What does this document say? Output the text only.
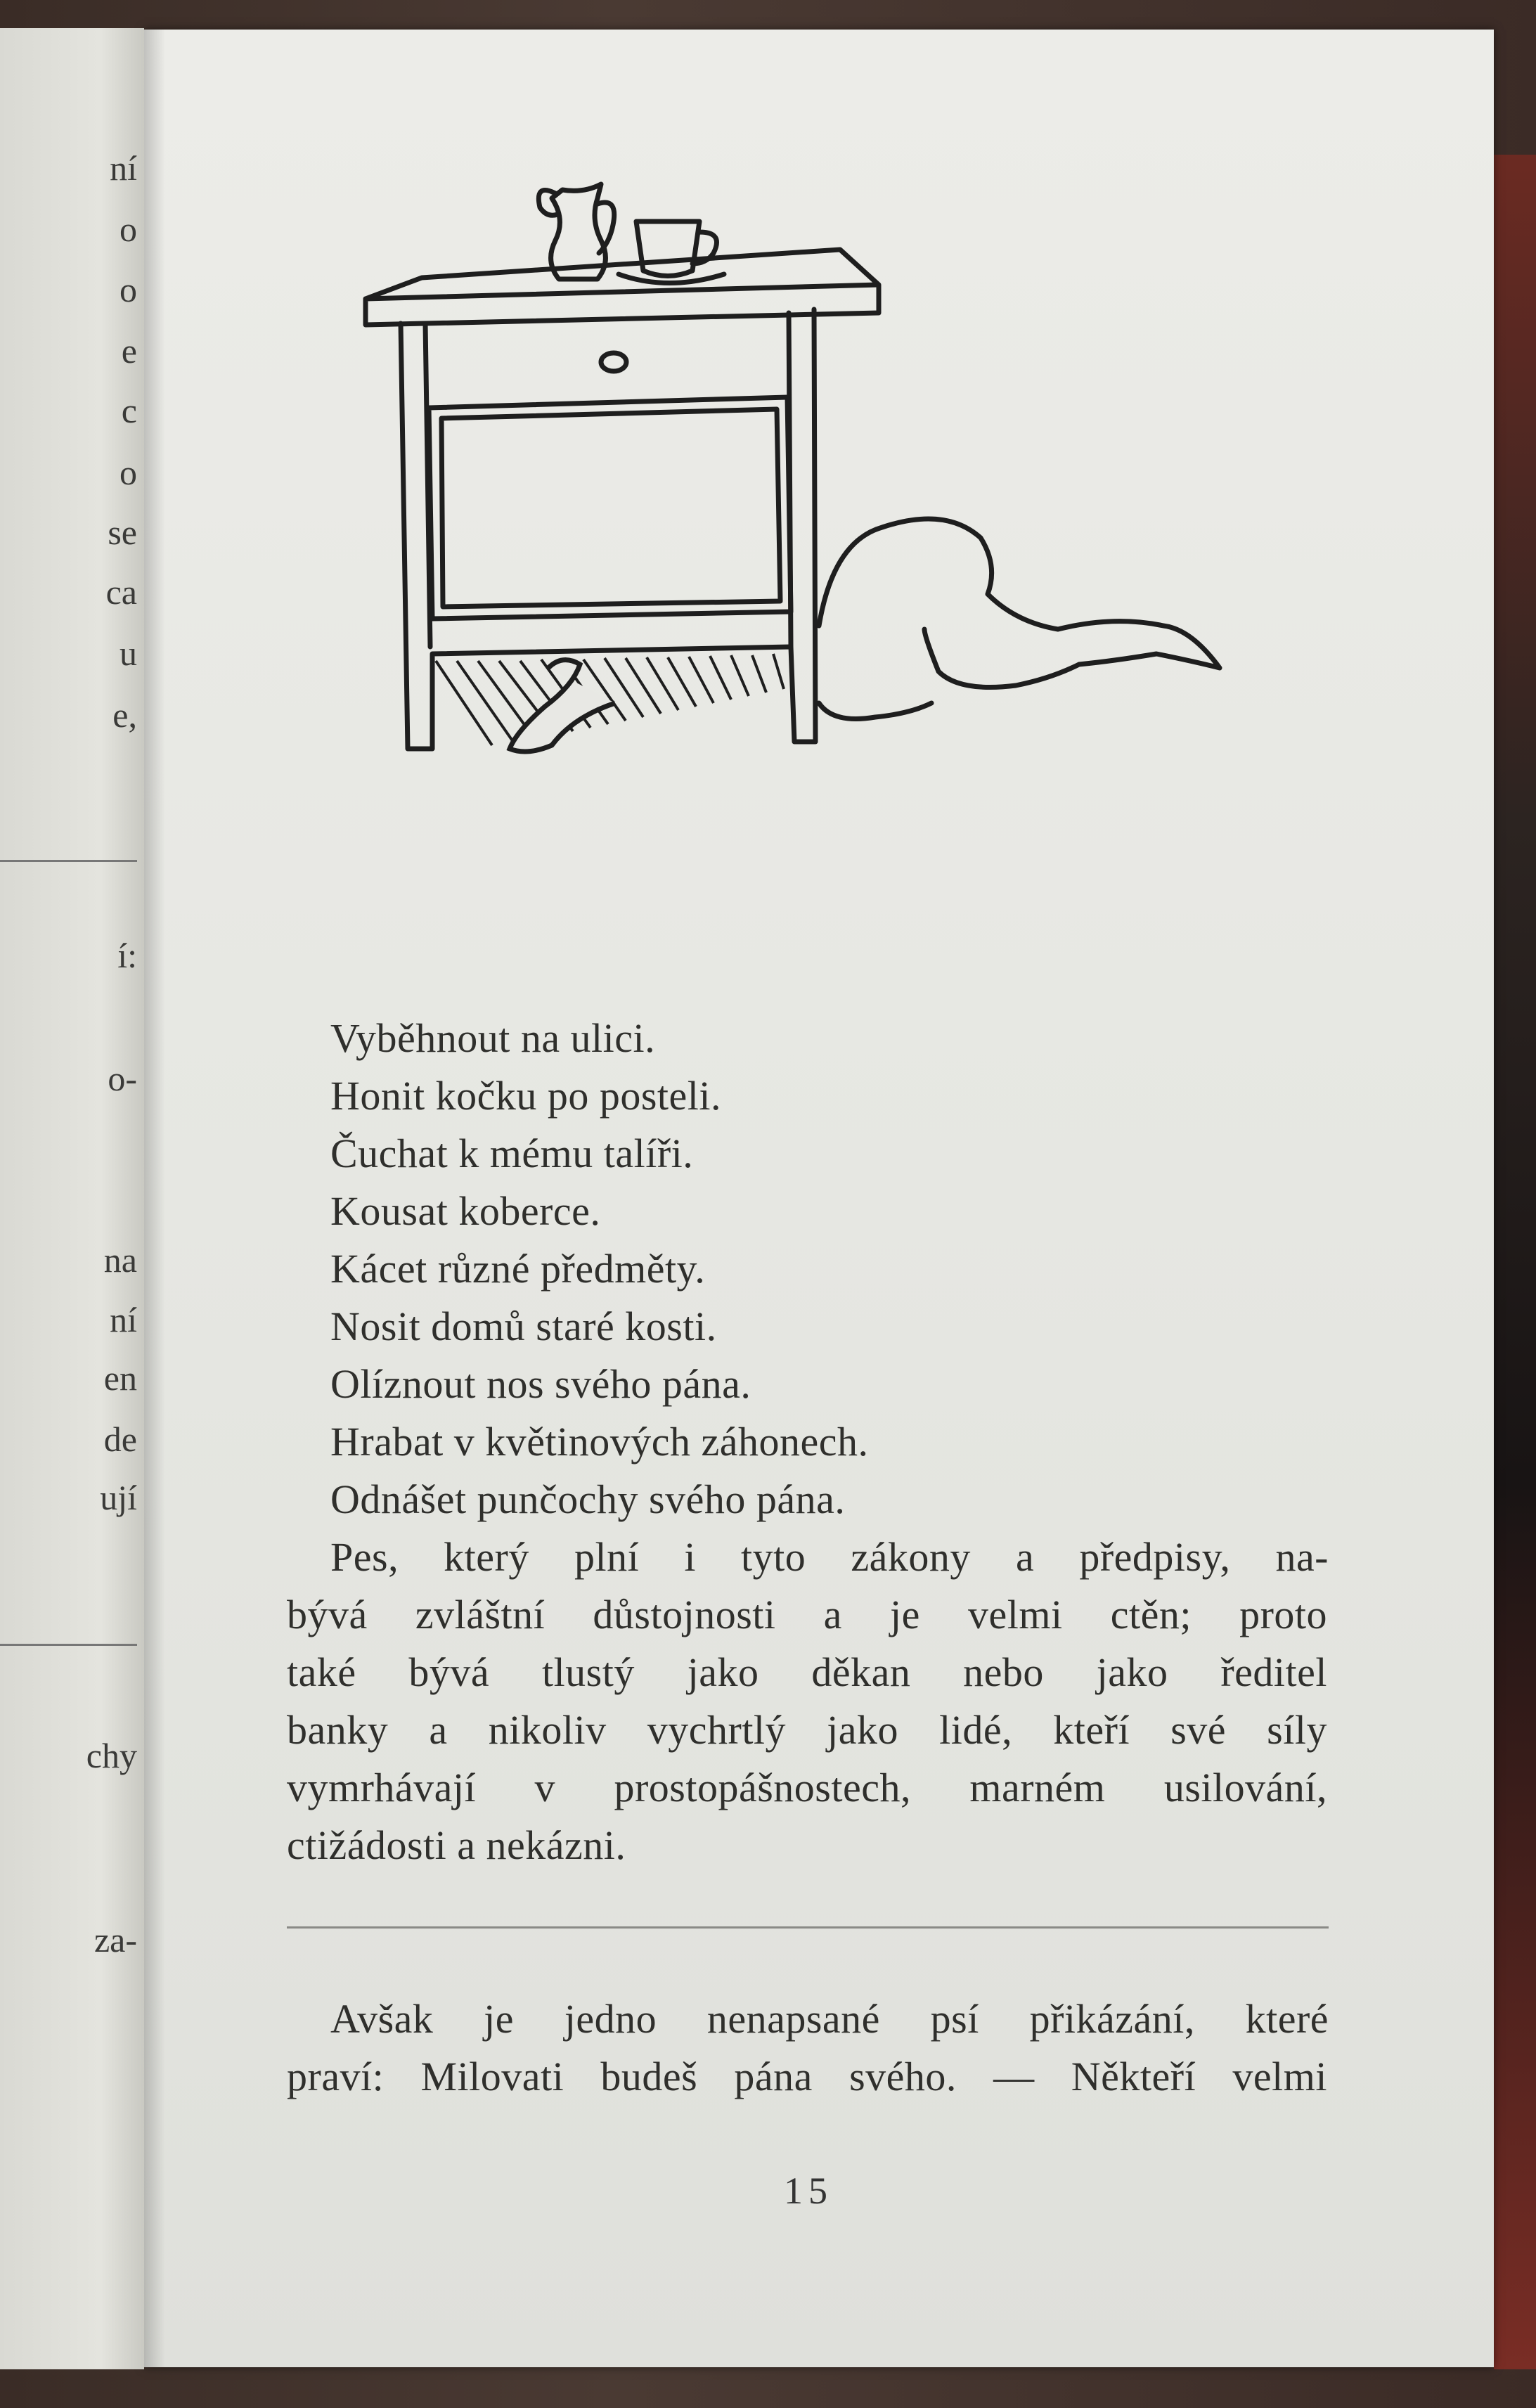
ní
o
o
e
c
o
se
ca
u
e,
í:
o-
na
ní
en
de
ují
chy
za-
Vyběhnout na ulici.
Honit kočku po posteli.
Čuchat k mému talíři.
Kousat koberce.
Kácet různé předměty.
Nosit domů staré kosti.
Olíznout nos svého pána.
Hrabat v květinových záhonech.
Odnášet punčochy svého pána.
Pes, který plní i tyto zákony a předpisy, na-
bývá zvláštní důstojnosti a je velmi ctěn; proto
také bývá tlustý jako děkan nebo jako ředitel
banky a nikoliv vychrtlý jako lidé, kteří své síly
vymrhávají v prostopášnostech, marném usilování,
ctižádosti a nekázni.
Avšak je jedno nenapsané psí přikázání, které
praví: Milovati budeš pána svého. — Někteří velmi
15
